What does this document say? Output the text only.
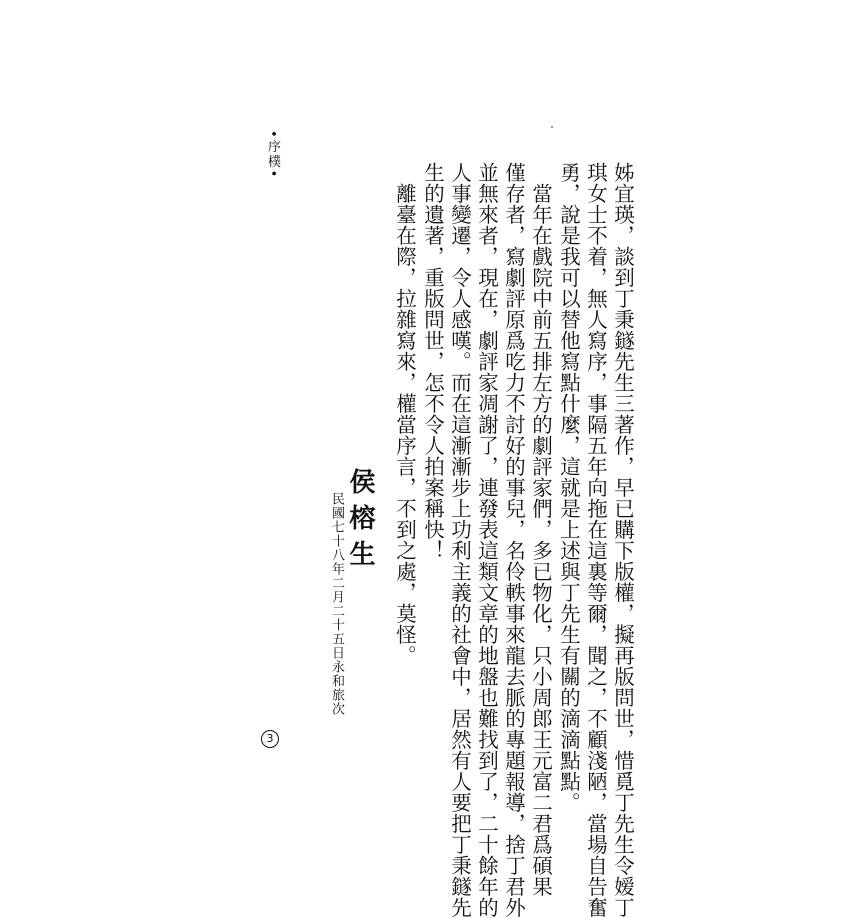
•序樸•
姊宜瑛，談到丁秉鐩先生三著作，早已購下版權，擬再版問世，惜覓丁先生令嫒丁
琪女士不着，無人寫序，事隔五年向拖在這裏等爾，聞之，不顧淺陋，當場自告奮
勇，說是我可以替他寫點什麼，這就是上述與丁先生有關的滴滴點點。
　當年在戲院中前五排左方的劇評家們，多已物化，只小周郎王元富二君爲碩果
僅存者，寫劇評原爲吃力不討好的事兒，名伶軼事來龍去脈的專題報導，捨丁君外
並無來者，現在，劇評家凋謝了，連發表這類文章的地盤也難找到了，二十餘年的
人事變遷，令人感嘆。而在這漸漸步上功利主義的社會中，居然有人要把丁秉鐩先
生的遺著，重版問世，怎不令人拍案稱快！
　離臺在際，拉雜寫來，權當序言，不到之處，莫怪。
侯榕生
民國七十八年二月二十五日永和旅次
3
